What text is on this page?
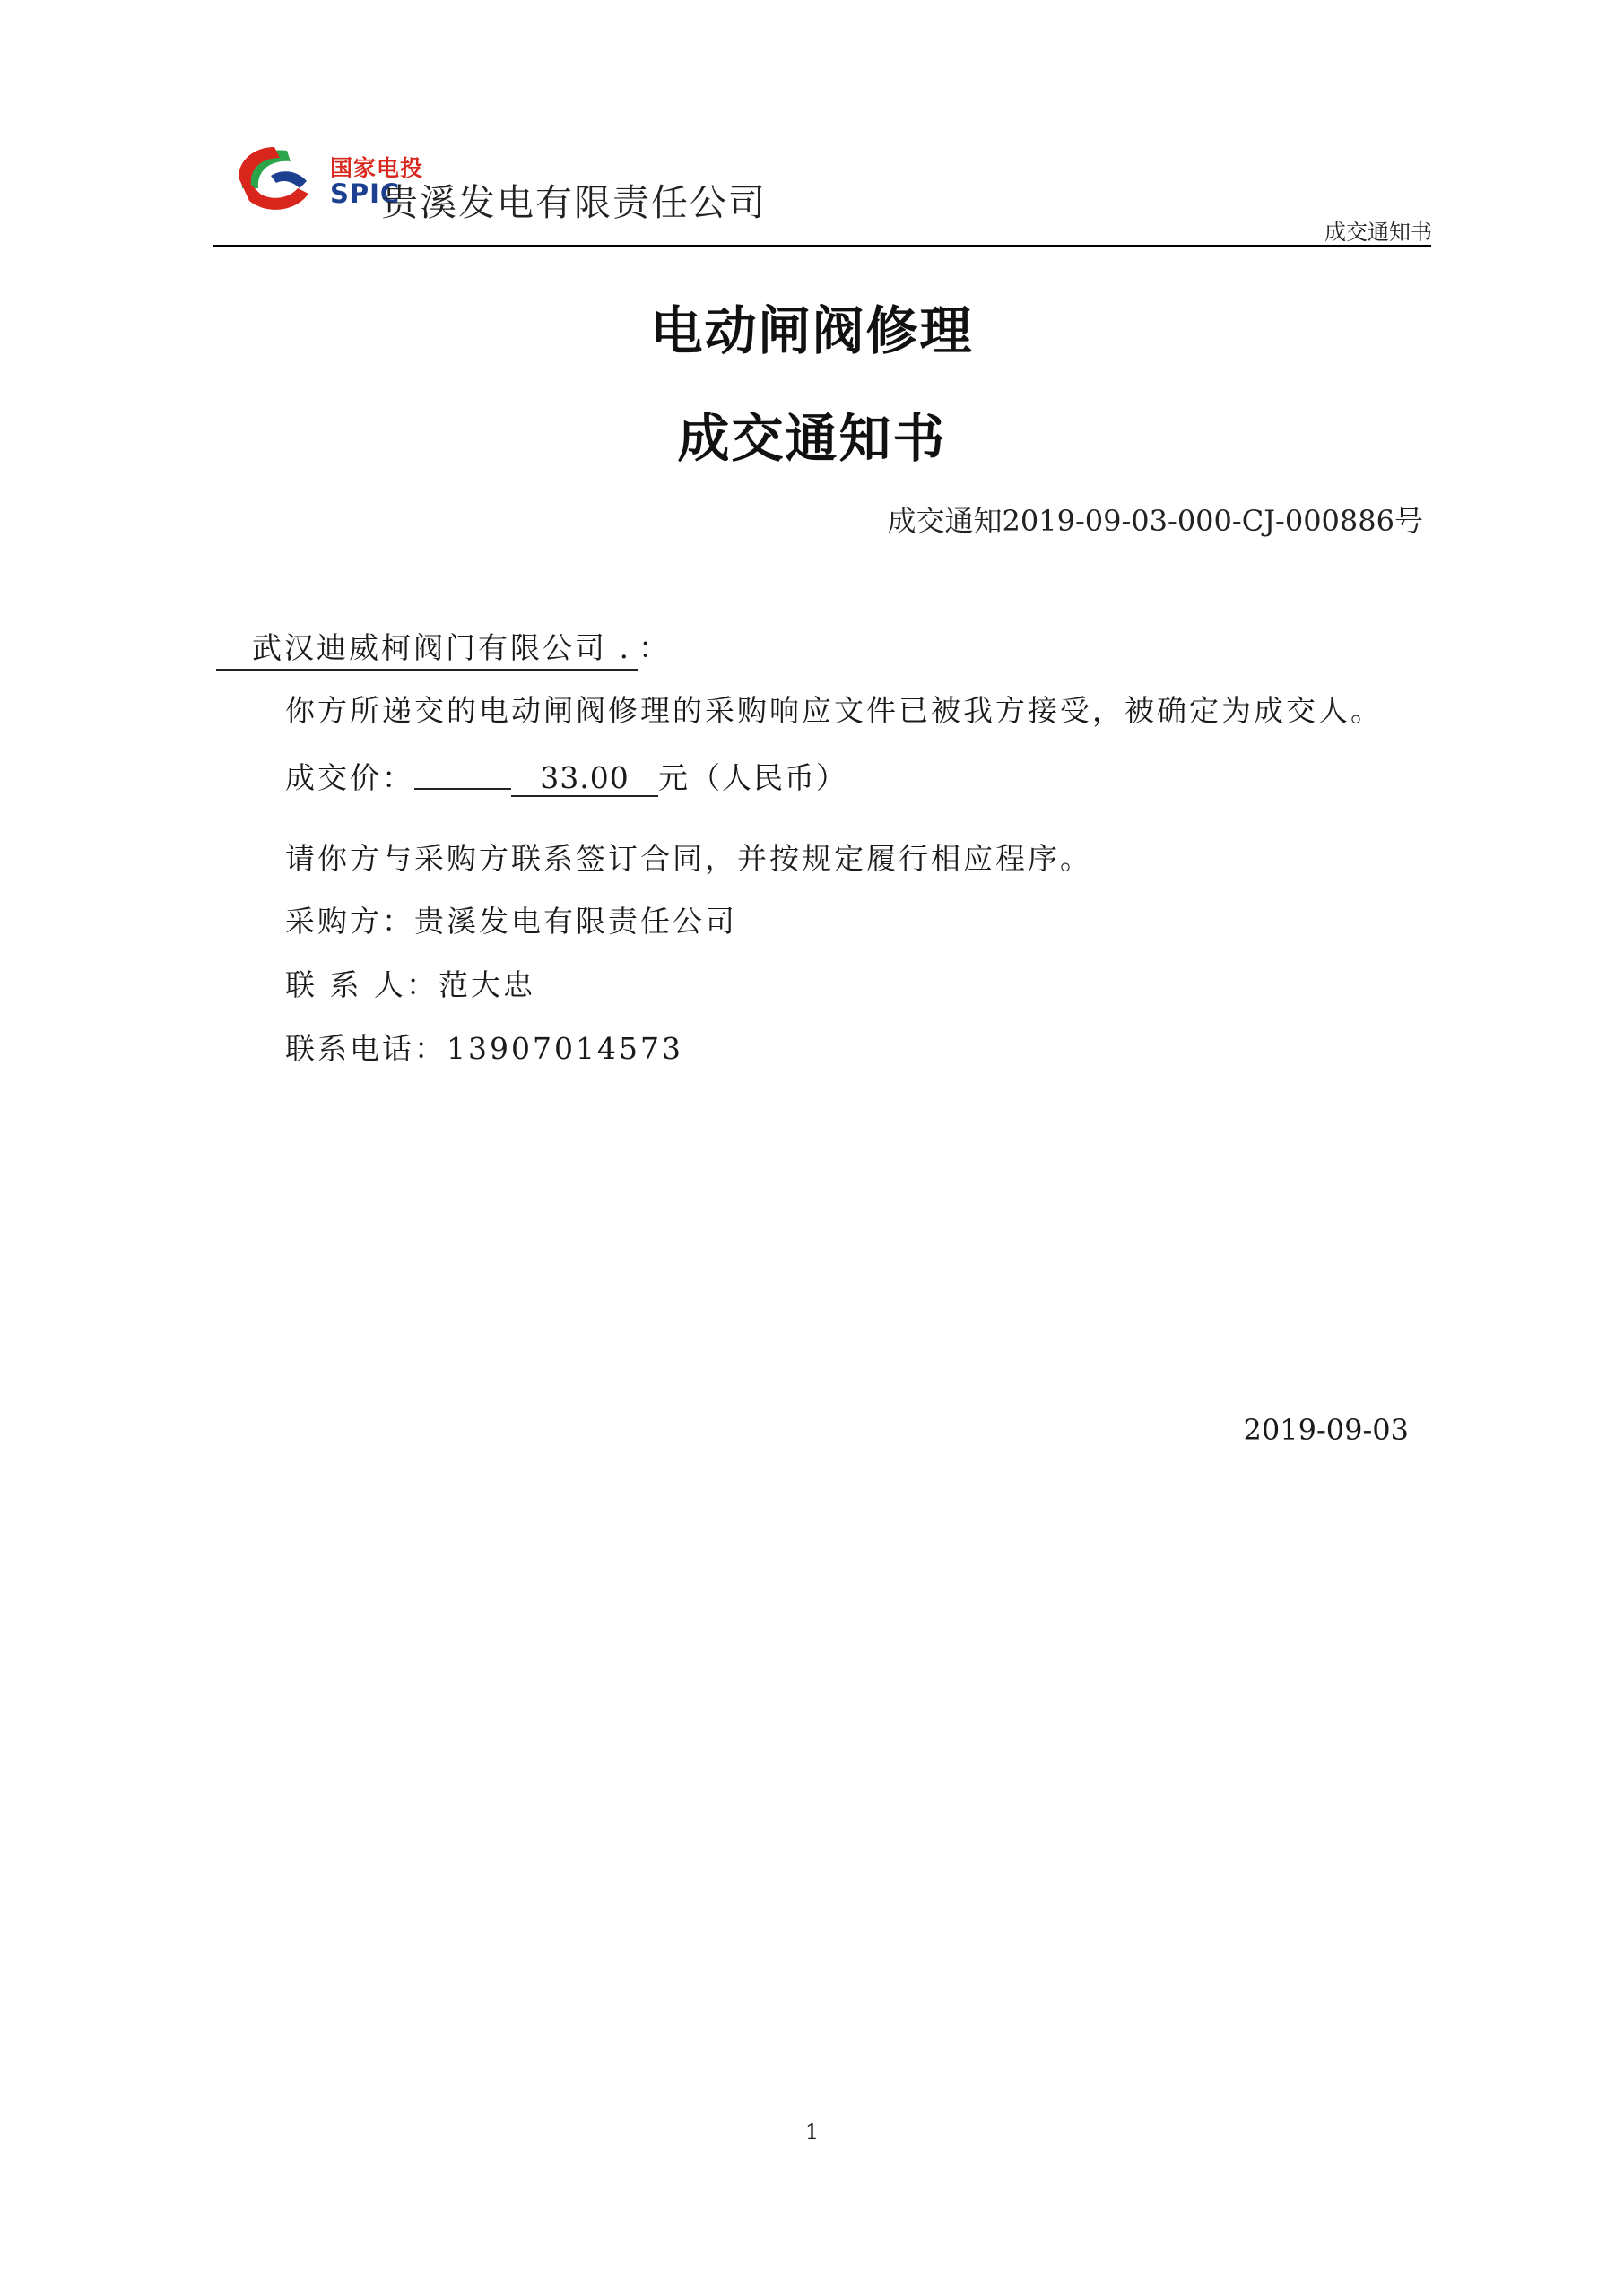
国家电投
SPIC
贵溪发电有限责任公司
成交通知书
电动闸阀修理
成交通知书
成交通知2019-09-03-000-CJ-000886号
武汉迪威柯阀门有限公司 . ：
你方所递交的电动闸阀修理的采购响应文件已被我方接受，被确定为成交人。
成交价：	33.00 元（人民币）
请你方与采购方联系签订合同，并按规定履行相应程序。
采购方：贵溪发电有限责任公司
联 系 人：范大忠
联系电话：13907014573
2019-09-03
1
